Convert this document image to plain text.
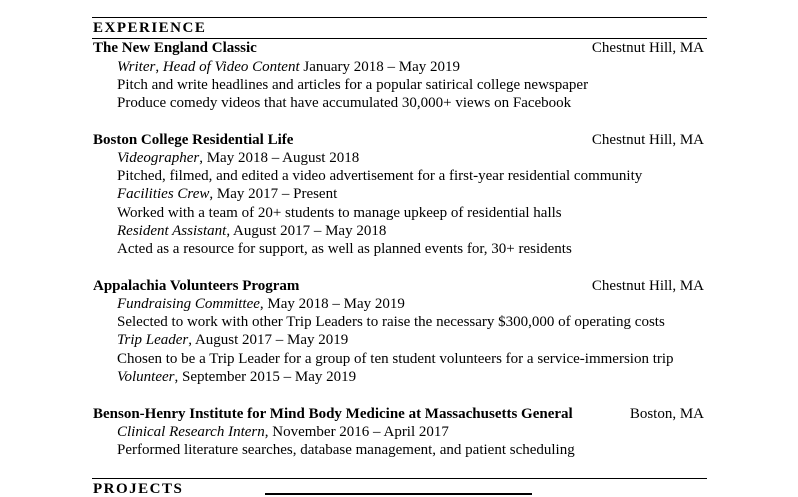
EXPERIENCE
The New England Classic	Chestnut Hill, MA
Writer, Head of Video Content January 2018 – May 2019
Pitch and write headlines and articles for a popular satirical college newspaper
Produce comedy videos that have accumulated 30,000+ views on Facebook
Boston College Residential Life	Chestnut Hill, MA
Videographer, May 2018 – August 2018
Pitched, filmed, and edited a video advertisement for a first-year residential community
Facilities Crew, May 2017 – Present
Worked with a team of 20+ students to manage upkeep of residential halls
Resident Assistant, August 2017 – May 2018
Acted as a resource for support, as well as planned events for, 30+ residents
Appalachia Volunteers Program	Chestnut Hill, MA
Fundraising Committee, May 2018 – May 2019
Selected to work with other Trip Leaders to raise the necessary $300,000 of operating costs
Trip Leader, August 2017 – May 2019
Chosen to be a Trip Leader for a group of ten student volunteers for a service-immersion trip
Volunteer, September 2015 – May 2019
Benson-Henry Institute for Mind Body Medicine at Massachusetts General	Boston, MA
Clinical Research Intern, November 2016 – April 2017
Performed literature searches, database management, and patient scheduling
PROJECTS
